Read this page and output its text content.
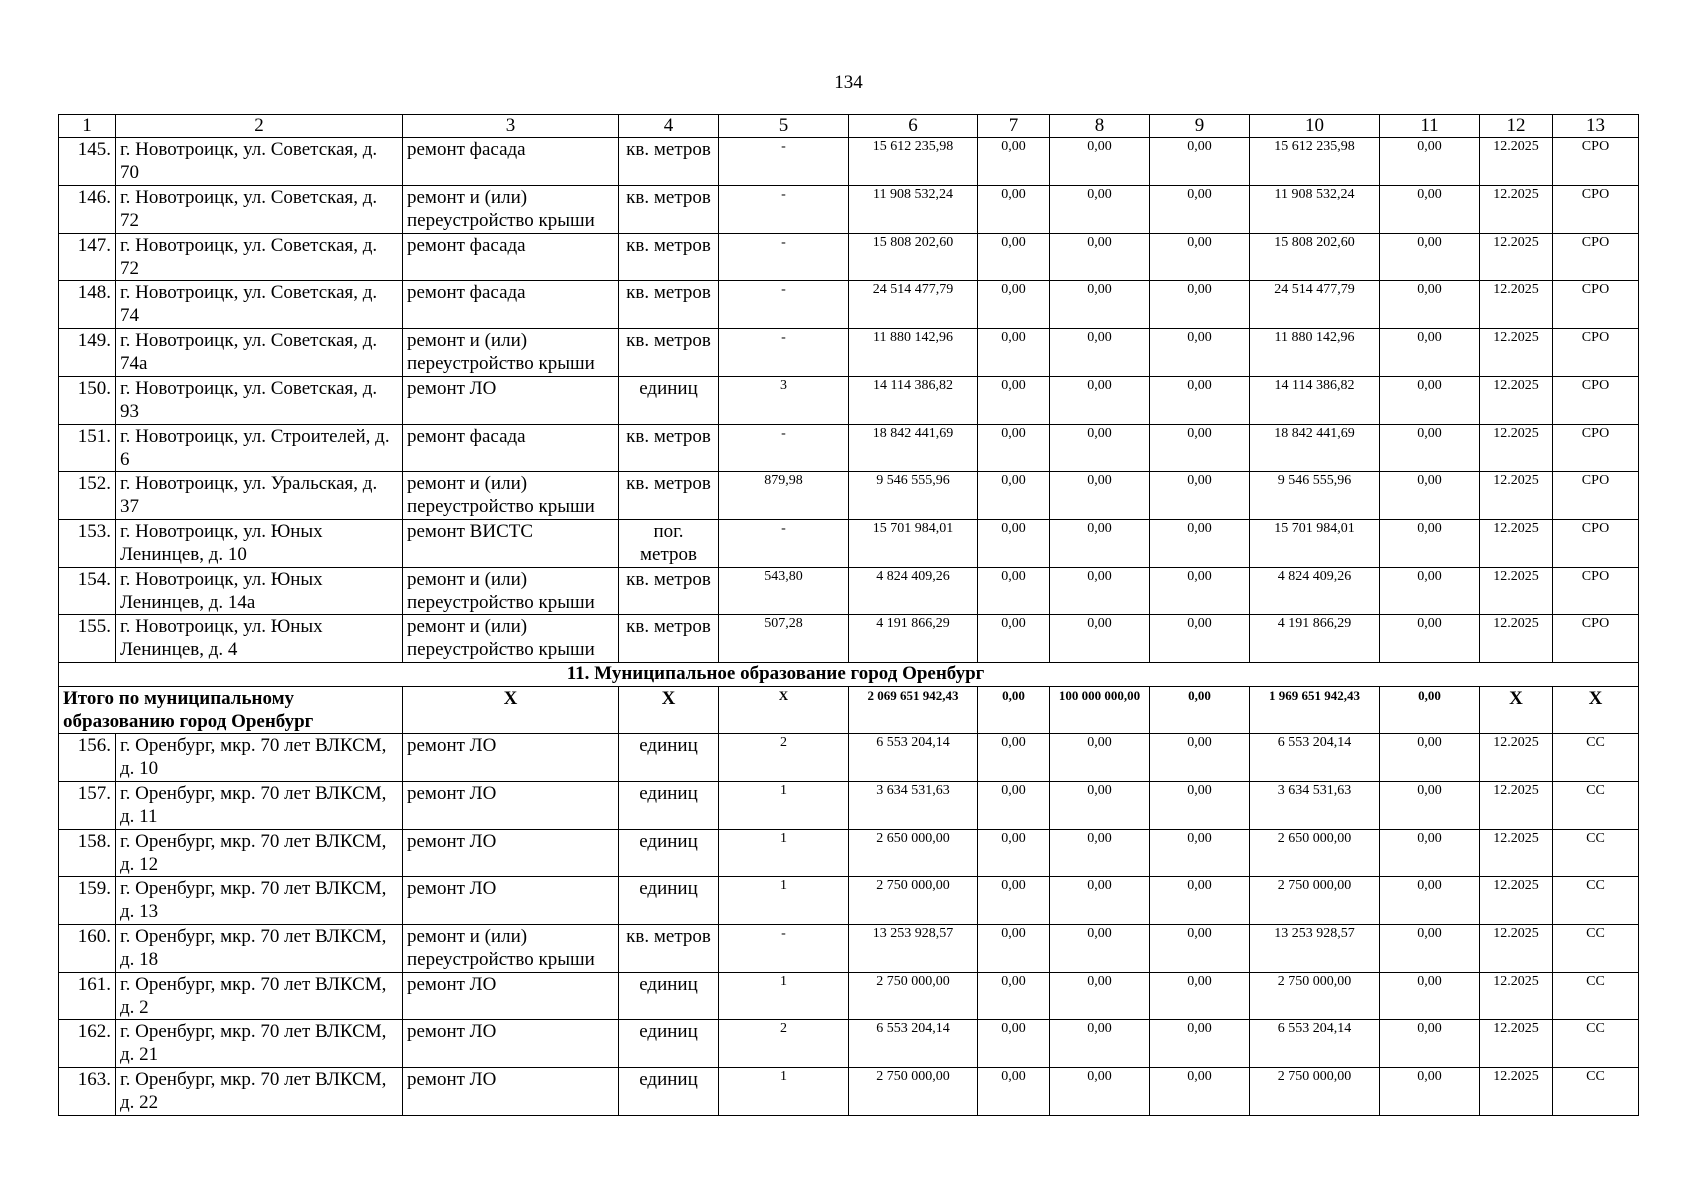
134
1	2	3	4	5	6	7	8	9	10	11	12	13
145.	г. Новотроицк, ул. Советская, д. 70	ремонт фасада	кв. метров	-	15 612 235,98	0,00	0,00	0,00	15 612 235,98	0,00	12.2025	СРО
146.	г. Новотроицк, ул. Советская, д. 72	ремонт и (или) переустройство крыши	кв. метров	-	11 908 532,24	0,00	0,00	0,00	11 908 532,24	0,00	12.2025	СРО
147.	г. Новотроицк, ул. Советская, д. 72	ремонт фасада	кв. метров	-	15 808 202,60	0,00	0,00	0,00	15 808 202,60	0,00	12.2025	СРО
148.	г. Новотроицк, ул. Советская, д. 74	ремонт фасада	кв. метров	-	24 514 477,79	0,00	0,00	0,00	24 514 477,79	0,00	12.2025	СРО
149.	г. Новотроицк, ул. Советская, д. 74а	ремонт и (или) переустройство крыши	кв. метров	-	11 880 142,96	0,00	0,00	0,00	11 880 142,96	0,00	12.2025	СРО
150.	г. Новотроицк, ул. Советская, д. 93	ремонт ЛО	единиц	3	14 114 386,82	0,00	0,00	0,00	14 114 386,82	0,00	12.2025	СРО
151.	г. Новотроицк, ул. Строителей, д. 6	ремонт фасада	кв. метров	-	18 842 441,69	0,00	0,00	0,00	18 842 441,69	0,00	12.2025	СРО
152.	г. Новотроицк, ул. Уральская, д. 37	ремонт и (или) переустройство крыши	кв. метров	879,98	9 546 555,96	0,00	0,00	0,00	9 546 555,96	0,00	12.2025	СРО
153.	г. Новотроицк, ул. Юных Ленинцев, д. 10	ремонт ВИСТС	пог. метров	-	15 701 984,01	0,00	0,00	0,00	15 701 984,01	0,00	12.2025	СРО
154.	г. Новотроицк, ул. Юных Ленинцев, д. 14а	ремонт и (или) переустройство крыши	кв. метров	543,80	4 824 409,26	0,00	0,00	0,00	4 824 409,26	0,00	12.2025	СРО
155.	г. Новотроицк, ул. Юных Ленинцев, д. 4	ремонт и (или) переустройство крыши	кв. метров	507,28	4 191 866,29	0,00	0,00	0,00	4 191 866,29	0,00	12.2025	СРО
11. Муниципальное образование город Оренбург												
Итого по муниципальному образованию город Оренбург		X	X	X	2 069 651 942,43	0,00	100 000 000,00	0,00	1 969 651 942,43	0,00	X	X
156.	г. Оренбург, мкр. 70 лет ВЛКСМ, д. 10	ремонт ЛО	единиц	2	6 553 204,14	0,00	0,00	0,00	6 553 204,14	0,00	12.2025	СС
157.	г. Оренбург, мкр. 70 лет ВЛКСМ, д. 11	ремонт ЛО	единиц	1	3 634 531,63	0,00	0,00	0,00	3 634 531,63	0,00	12.2025	СС
158.	г. Оренбург, мкр. 70 лет ВЛКСМ, д. 12	ремонт ЛО	единиц	1	2 650 000,00	0,00	0,00	0,00	2 650 000,00	0,00	12.2025	СС
159.	г. Оренбург, мкр. 70 лет ВЛКСМ, д. 13	ремонт ЛО	единиц	1	2 750 000,00	0,00	0,00	0,00	2 750 000,00	0,00	12.2025	СС
160.	г. Оренбург, мкр. 70 лет ВЛКСМ, д. 18	ремонт и (или) переустройство крыши	кв. метров	-	13 253 928,57	0,00	0,00	0,00	13 253 928,57	0,00	12.2025	СС
161.	г. Оренбург, мкр. 70 лет ВЛКСМ, д. 2	ремонт ЛО	единиц	1	2 750 000,00	0,00	0,00	0,00	2 750 000,00	0,00	12.2025	СС
162.	г. Оренбург, мкр. 70 лет ВЛКСМ, д. 21	ремонт ЛО	единиц	2	6 553 204,14	0,00	0,00	0,00	6 553 204,14	0,00	12.2025	СС
163.	г. Оренбург, мкр. 70 лет ВЛКСМ, д. 22	ремонт ЛО	единиц	1	2 750 000,00	0,00	0,00	0,00	2 750 000,00	0,00	12.2025	СС
